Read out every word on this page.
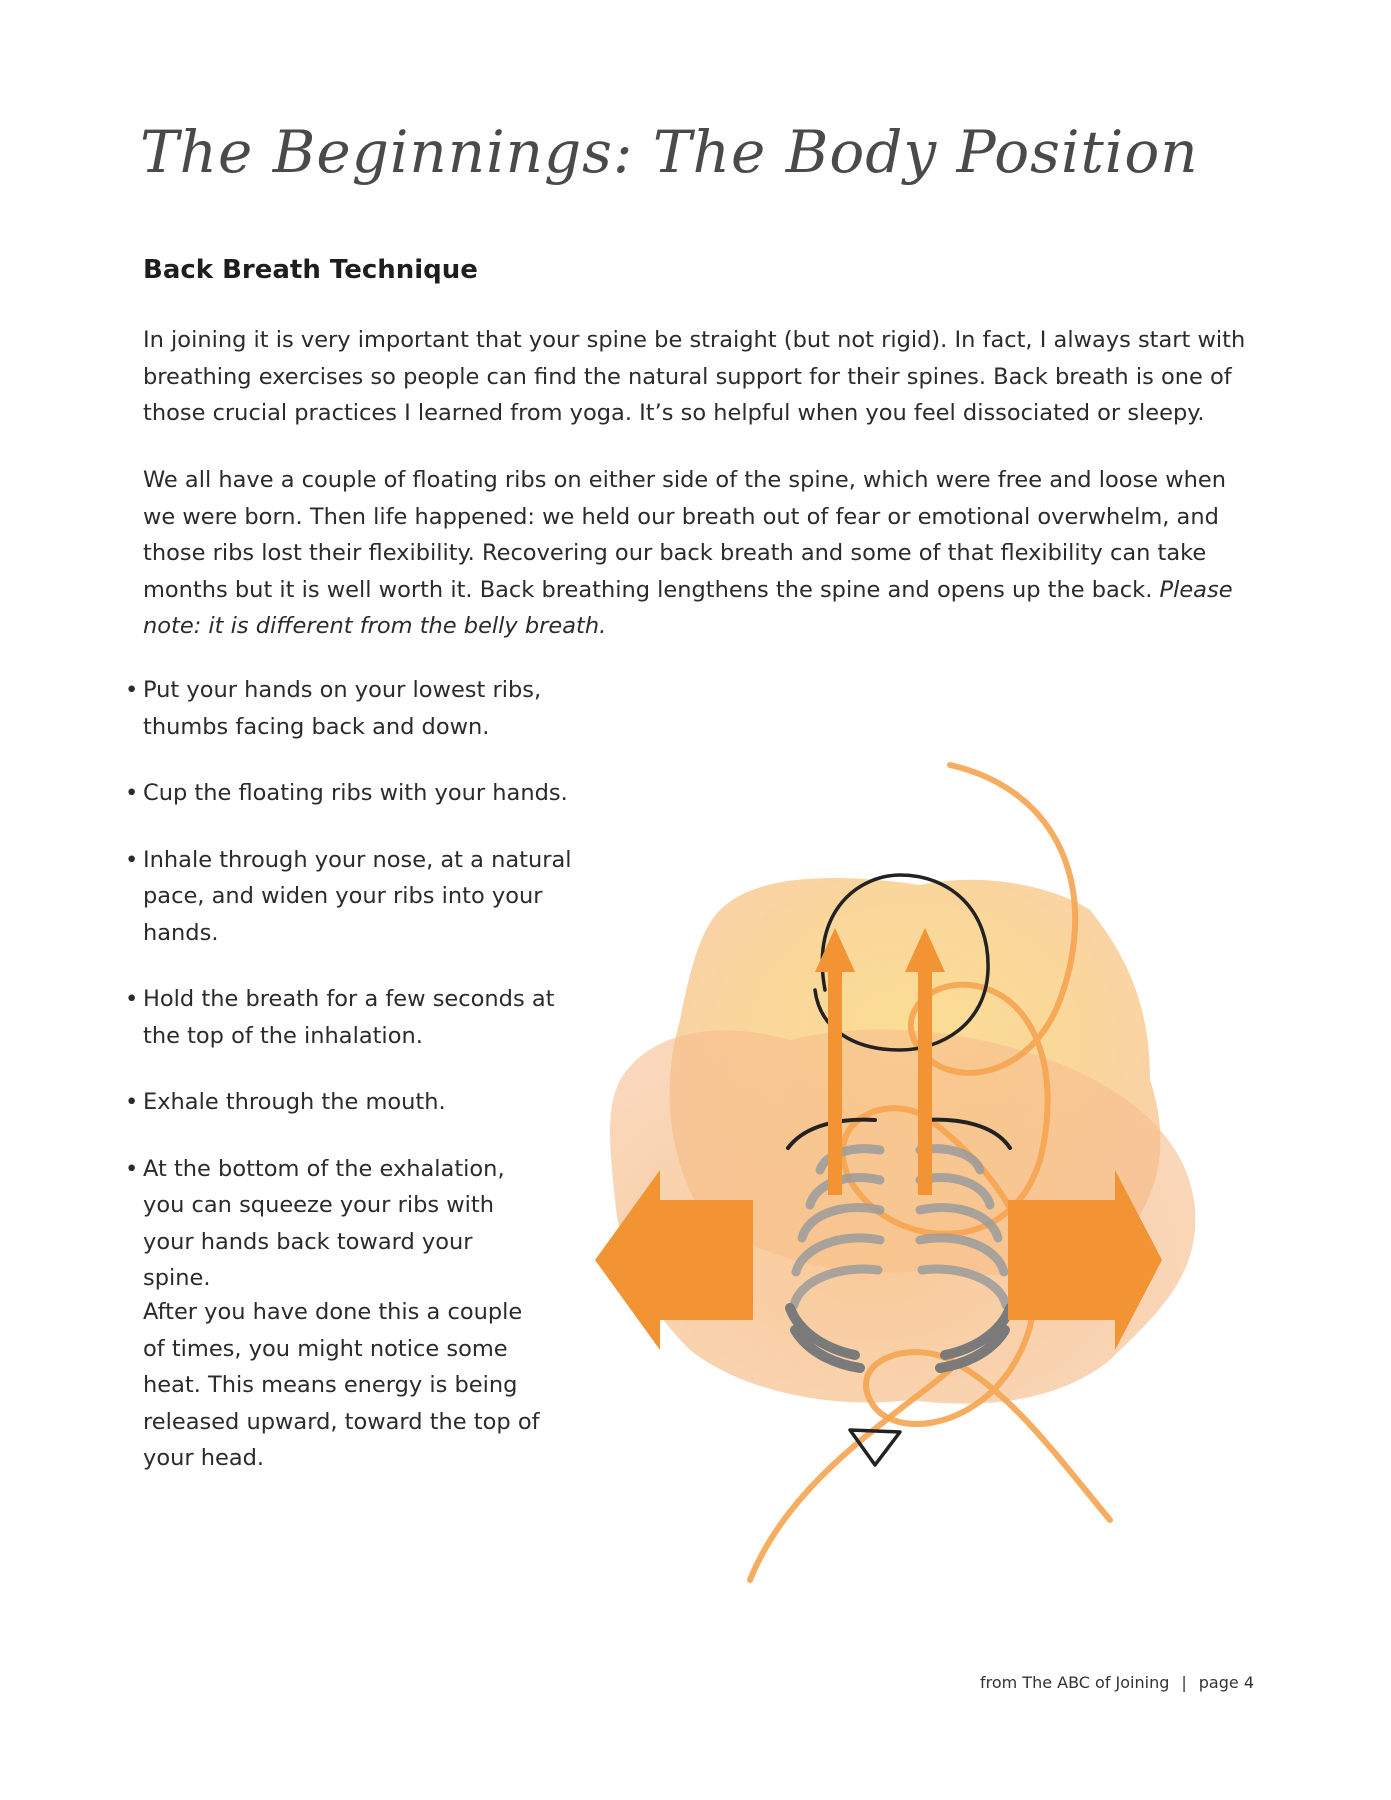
The Beginnings: The Body Position
Back Breath Technique

In joining it is very important that your spine be straight (but not rigid). In fact, I always start with breathing exercises so people can find the natural support for their spines. Back breath is one of those crucial practices I learned from yoga. It’s so helpful when you feel dissociated or sleepy.

We all have a couple of floating ribs on either side of the spine, which were free and loose when we were born. Then life happened: we held our breath out of fear or emotional overwhelm, and those ribs lost their flexibility. Recovering our back breath and some of that flexibility can take months but it is well worth it. Back breathing lengthens the spine and opens up the back. Please note: it is different from the belly breath.

• Put your hands on your lowest ribs, thumbs facing back and down.
• Cup the floating ribs with your hands.
• Inhale through your nose, at a natural pace, and widen your ribs into your hands.
• Hold the breath for a few seconds at the top of the inhalation.
• Exhale through the mouth.
• At the bottom of the exhalation, you can squeeze your ribs with your hands back toward your spine.

After you have done this a couple of times, you might notice some heat. This means energy is being released upward, toward the top of your head.

from The ABC of Joining | page 4
